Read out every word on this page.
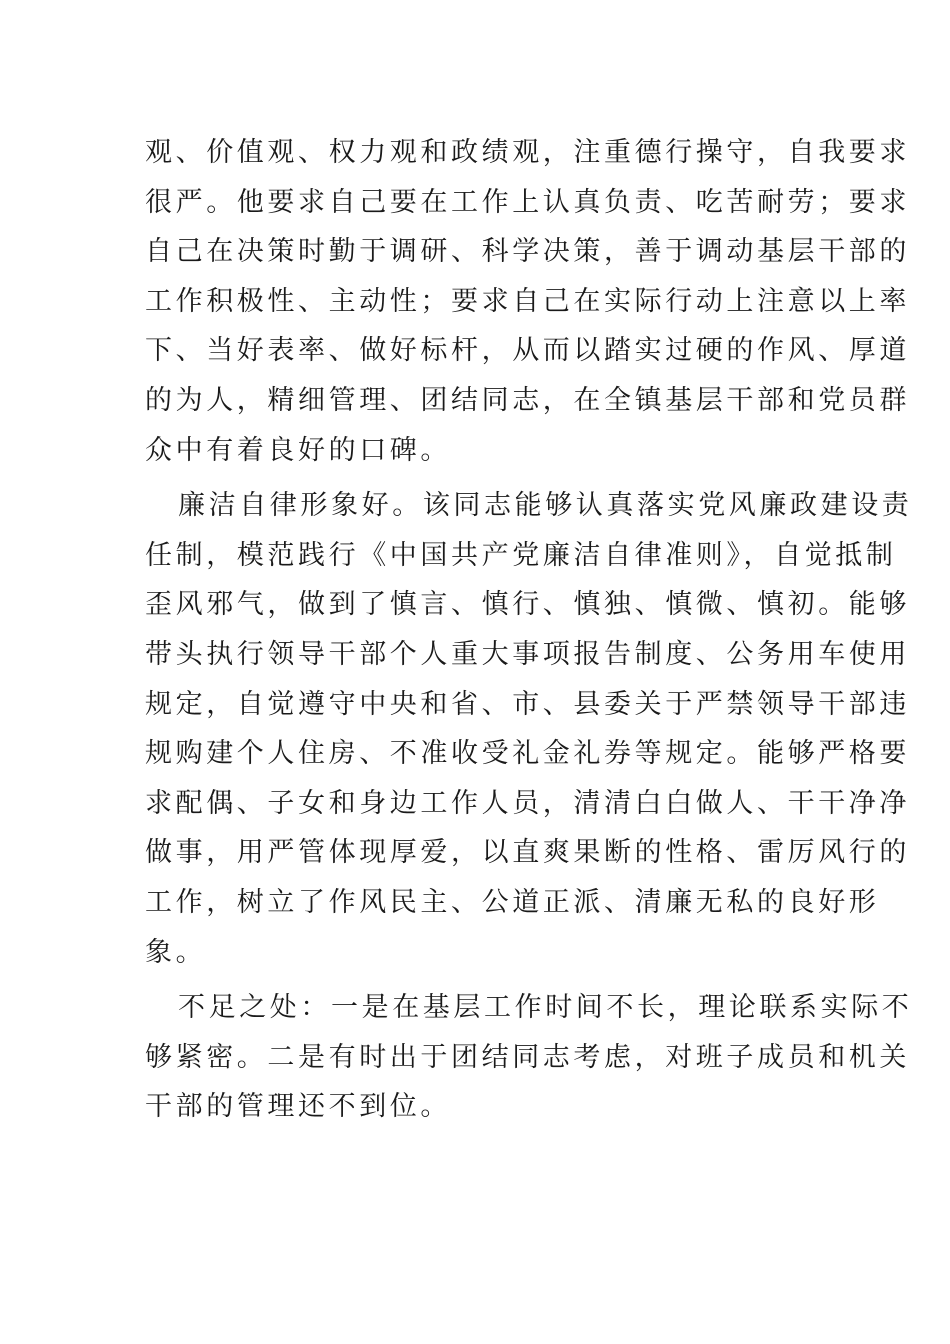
观、价值观、权力观和政绩观，注重德行操守，自我要求
很严。他要求自己要在工作上认真负责、吃苦耐劳；要求
自己在决策时勤于调研、科学决策，善于调动基层干部的
工作积极性、主动性；要求自己在实际行动上注意以上率
下、当好表率、做好标杆，从而以踏实过硬的作风、厚道
的为人，精细管理、团结同志，在全镇基层干部和党员群
众中有着良好的口碑。

廉洁自律形象好。该同志能够认真落实党风廉政建设责
任制，模范践行《中国共产党廉洁自律准则》，自觉抵制
歪风邪气，做到了慎言、慎行、慎独、慎微、慎初。能够
带头执行领导干部个人重大事项报告制度、公务用车使用
规定，自觉遵守中央和省、市、县委关于严禁领导干部违
规购建个人住房、不准收受礼金礼券等规定。能够严格要
求配偶、子女和身边工作人员，清清白白做人、干干净净
做事，用严管体现厚爱，以直爽果断的性格、雷厉风行的
工作，树立了作风民主、公道正派、清廉无私的良好形
象。

不足之处：一是在基层工作时间不长，理论联系实际不
够紧密。二是有时出于团结同志考虑，对班子成员和机关
干部的管理还不到位。
